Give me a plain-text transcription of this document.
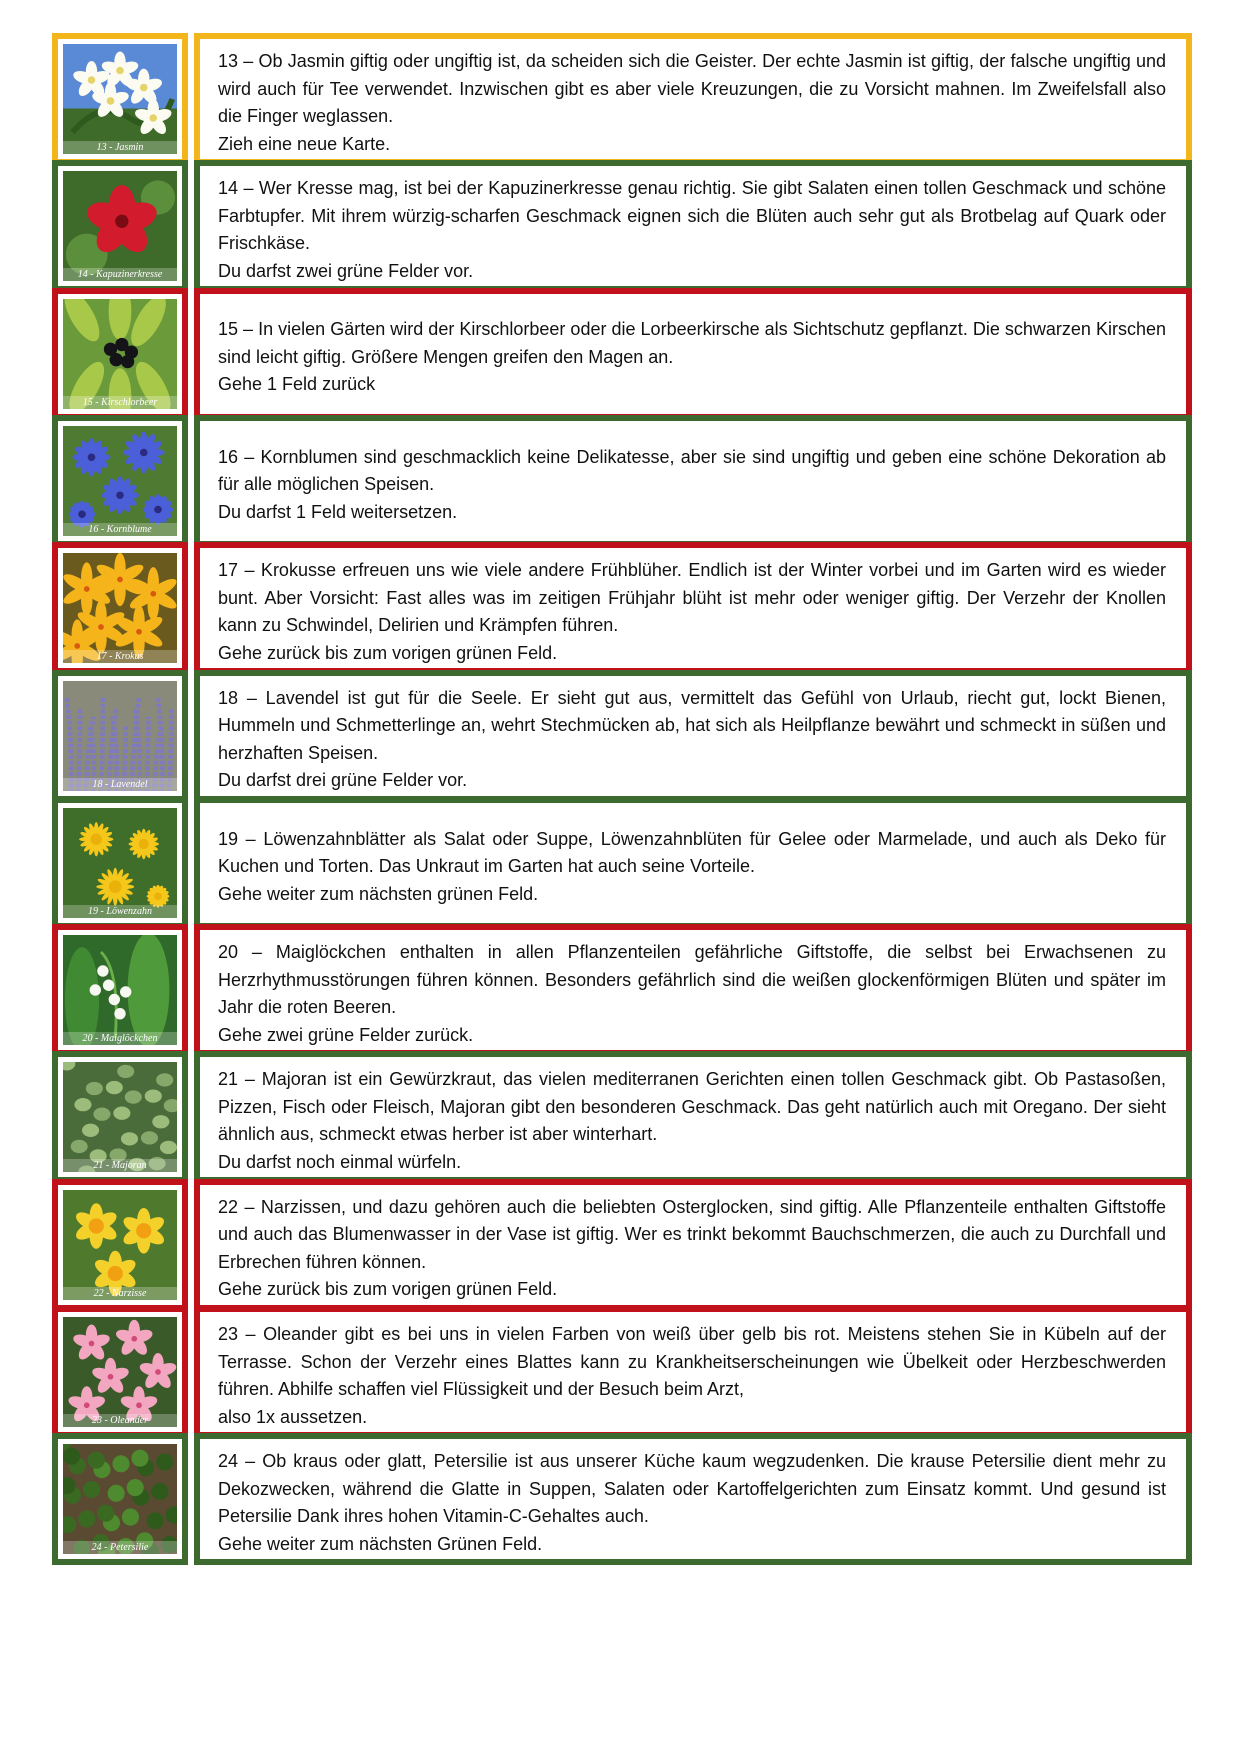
13 - Jasmin

13 – Ob Jasmin giftig oder ungiftig ist, da scheiden sich die Geister. Der echte Jasmin ist giftig, der falsche ungiftig und wird auch für Tee verwendet. Inzwischen gibt es aber viele Kreuzungen, die zu Vorsicht mahnen. Im Zweifelsfall also die Finger weglassen.

Zieh eine neue Karte.

14 - Kapuzinerkresse

14 – Wer Kresse mag, ist bei der Kapuzinerkresse genau richtig. Sie gibt Salaten einen tollen Geschmack und schöne Farbtupfer. Mit ihrem würzig-scharfen Geschmack eignen sich die Blüten auch sehr gut als Brotbelag auf Quark oder Frischkäse.

Du darfst zwei grüne Felder vor.

15 - Kirschlorbeer

15 – In vielen Gärten wird der Kirschlorbeer oder die Lorbeerkirsche als Sichtschutz gepflanzt. Die schwarzen Kirschen sind leicht giftig. Größere Mengen greifen den Magen an.

Gehe 1 Feld zurück

16 - Kornblume

16 – Kornblumen sind geschmacklich keine Delikatesse, aber sie sind ungiftig und geben eine schöne Dekoration ab für alle möglichen Speisen.

Du darfst 1 Feld weitersetzen.

17 - Krokus

17 – Krokusse erfreuen uns wie viele andere Frühblüher. Endlich ist der Winter vorbei und im Garten wird es wieder bunt. Aber Vorsicht: Fast alles was im zeitigen Frühjahr blüht ist mehr oder weniger giftig. Der Verzehr der Knollen kann zu Schwindel, Delirien und Krämpfen führen.

Gehe zurück bis zum vorigen grünen Feld.

18 - Lavendel

18 – Lavendel ist gut für die Seele. Er sieht gut aus, vermittelt das Gefühl von Urlaub, riecht gut, lockt Bienen, Hummeln und Schmetterlinge an, wehrt Stechmücken ab, hat sich als Heilpflanze bewährt und schmeckt in süßen und herzhaften Speisen.

Du darfst drei grüne Felder vor.

19 - Löwenzahn

19 – Löwenzahnblätter als Salat oder Suppe, Löwenzahnblüten für Gelee oder Marmelade, und auch als Deko für Kuchen und Torten. Das Unkraut im Garten hat auch seine Vorteile.

Gehe weiter zum nächsten grünen Feld.

20 - Maiglöckchen

20 – Maiglöckchen enthalten in allen Pflanzenteilen gefährliche Giftstoffe, die selbst bei Erwachsenen zu Herzrhythmusstörungen führen können. Besonders gefährlich sind die weißen glockenförmigen Blüten und später im Jahr die roten Beeren.

Gehe zwei grüne Felder zurück.

21 - Majoran

21 – Majoran ist ein Gewürzkraut, das vielen mediterranen Gerichten einen tollen Geschmack gibt. Ob Pastasoßen, Pizzen, Fisch oder Fleisch, Majoran gibt den besonderen Geschmack. Das geht natürlich auch mit Oregano. Der sieht ähnlich aus, schmeckt etwas herber ist aber winterhart.

Du darfst noch einmal würfeln.

22 - Narzisse

22 – Narzissen, und dazu gehören auch die beliebten Osterglocken, sind giftig. Alle Pflanzenteile enthalten Giftstoffe und auch das Blumenwasser in der Vase ist giftig. Wer es trinkt bekommt Bauchschmerzen, die auch zu Durchfall und Erbrechen führen können.

Gehe zurück bis zum vorigen grünen Feld.

23 - Oleander

23 – Oleander gibt es bei uns in vielen Farben von weiß über gelb bis rot. Meistens stehen Sie in Kübeln auf der Terrasse. Schon der Verzehr eines Blattes kann zu Krankheitserscheinungen wie Übelkeit oder Herzbeschwerden führen. Abhilfe schaffen viel Flüssigkeit und der Besuch beim Arzt,

also 1x aussetzen.

24 - Petersilie

24 – Ob kraus oder glatt, Petersilie ist aus unserer Küche kaum wegzudenken. Die krause Petersilie dient mehr zu Dekozwecken, während die Glatte in Suppen, Salaten oder Kartoffelgerichten zum Einsatz kommt. Und gesund ist Petersilie Dank ihres hohen Vitamin-C-Gehaltes auch.

Gehe weiter zum nächsten Grünen Feld.
